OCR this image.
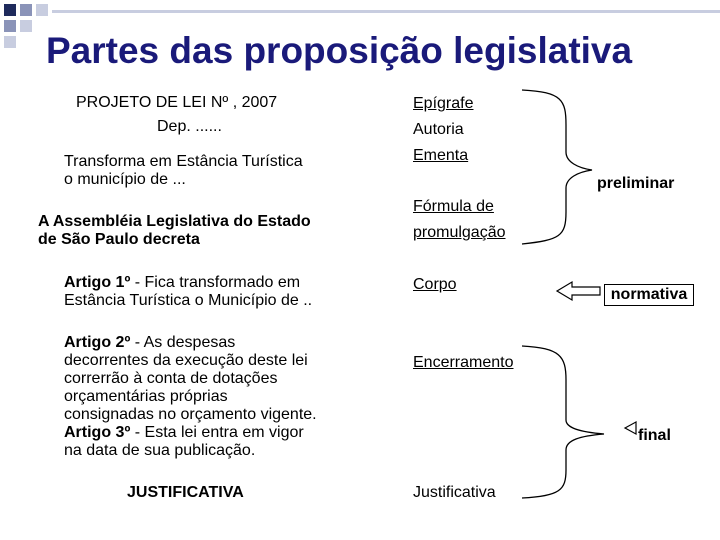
Partes das proposição legislativa
PROJETO DE LEI Nº , 2007
Dep. ......
Transforma em Estância Turística
o município de ...
A Assembléia Legislativa do Estado
de São Paulo decreta
Artigo 1º - Fica transformado em
Estância Turística o Município de ..
Artigo 2º - As despesas
decorrentes da execução deste lei
correrrão à conta de dotações
orçamentárias próprias
consignadas no orçamento vigente.
Artigo 3º - Esta lei entra em vigor
na data de sua publicação.
JUSTIFICATIVA
Epígrafe
Autoria
Ementa
Fórmula de
promulgação
Corpo
Encerramento
Justificativa
preliminar
normativa
final
